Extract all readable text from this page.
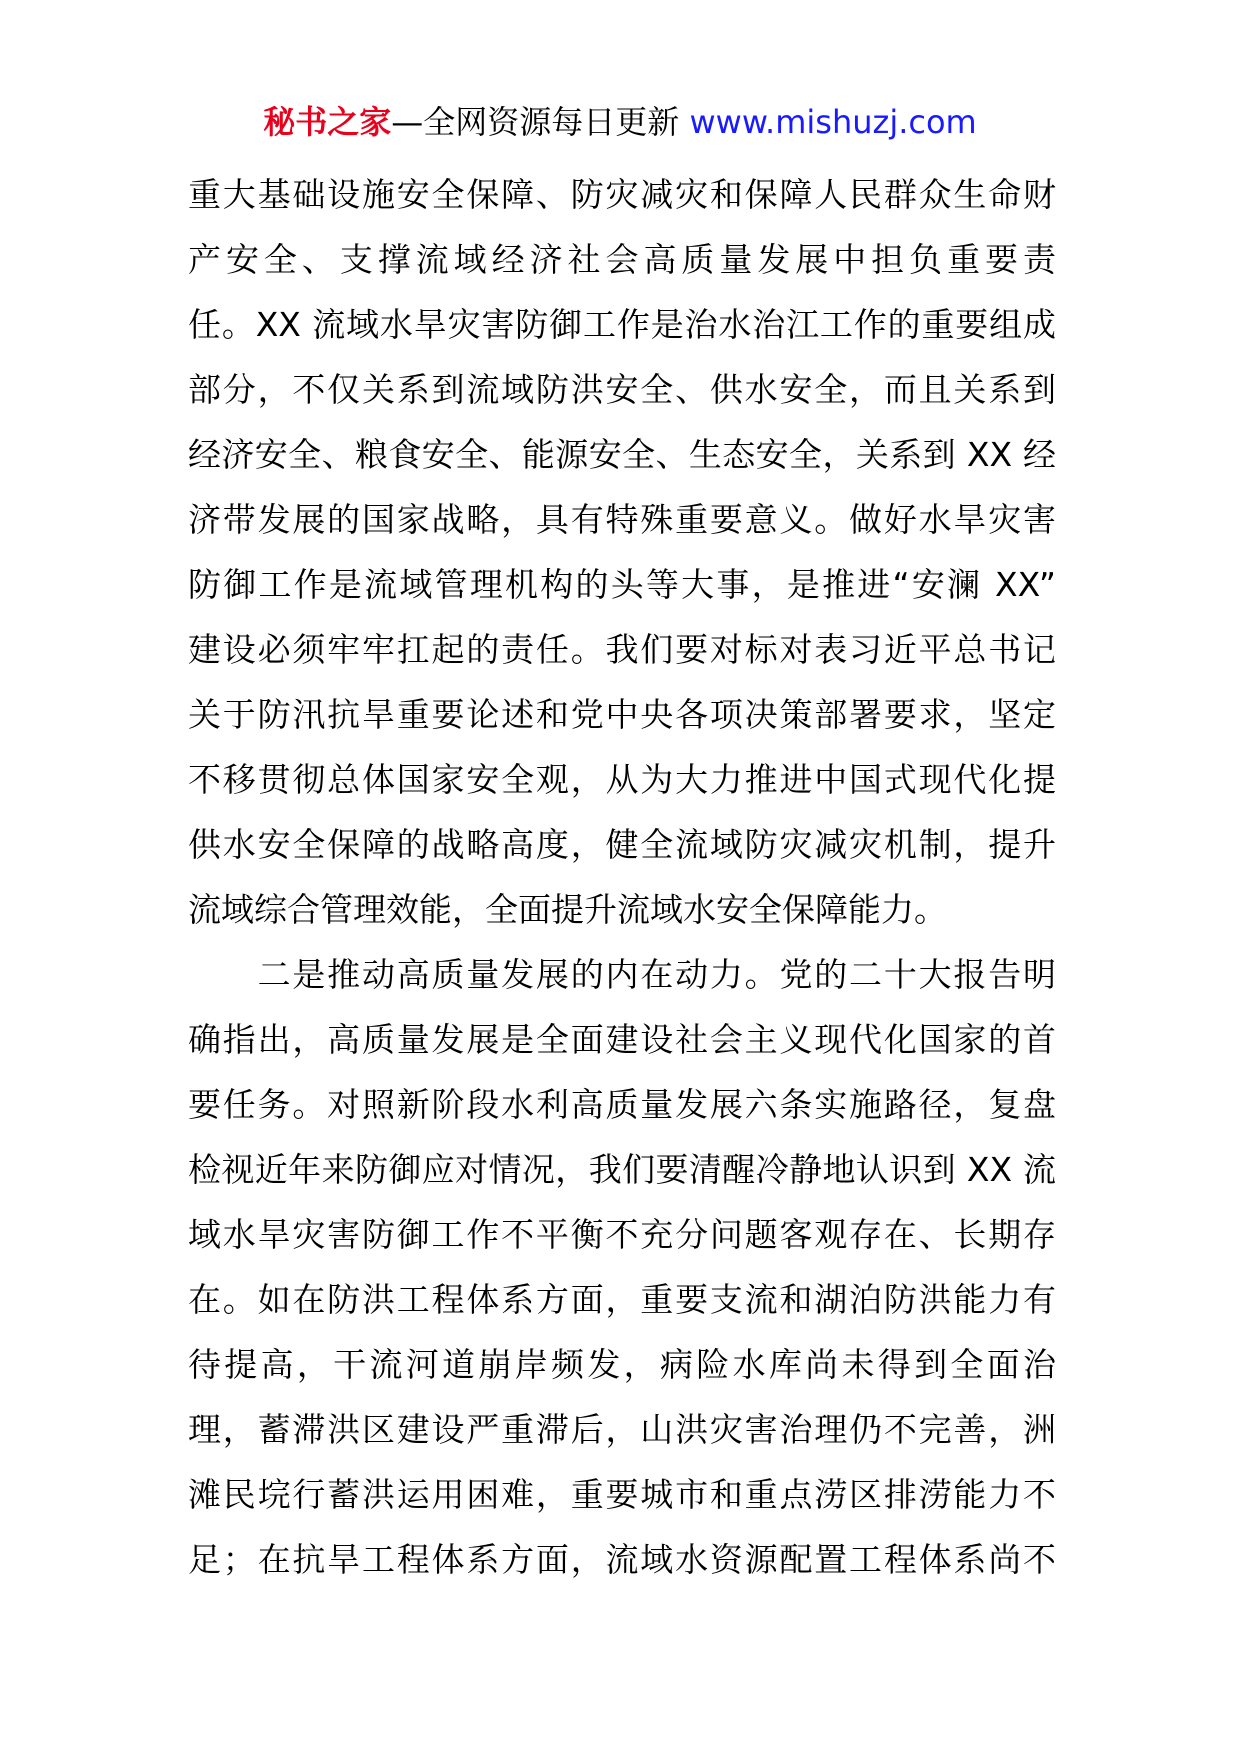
秘书之家—全网资源每日更新 www.mishuzj.com
重大基础设施安全保障、防灾减灾和保障人民群众生命财
产安全、支撑流域经济社会高质量发展中担负重要责
任。XX 流域水旱灾害防御工作是治水治江工作的重要组成
部分，不仅关系到流域防洪安全、供水安全，而且关系到
经济安全、粮食安全、能源安全、生态安全，关系到 XX 经
济带发展的国家战略，具有特殊重要意义。做好水旱灾害
防御工作是流域管理机构的头等大事，是推进“安澜 XX”
建设必须牢牢扛起的责任。我们要对标对表习近平总书记
关于防汛抗旱重要论述和党中央各项决策部署要求，坚定
不移贯彻总体国家安全观，从为大力推进中国式现代化提
供水安全保障的战略高度，健全流域防灾减灾机制，提升
流域综合管理效能，全面提升流域水安全保障能力。
　　二是推动高质量发展的内在动力。党的二十大报告明
确指出，高质量发展是全面建设社会主义现代化国家的首
要任务。对照新阶段水利高质量发展六条实施路径，复盘
检视近年来防御应对情况，我们要清醒冷静地认识到 XX 流
域水旱灾害防御工作不平衡不充分问题客观存在、长期存
在。如在防洪工程体系方面，重要支流和湖泊防洪能力有
待提高，干流河道崩岸频发，病险水库尚未得到全面治
理，蓄滞洪区建设严重滞后，山洪灾害治理仍不完善，洲
滩民垸行蓄洪运用困难，重要城市和重点涝区排涝能力不
足；在抗旱工程体系方面，流域水资源配置工程体系尚不
